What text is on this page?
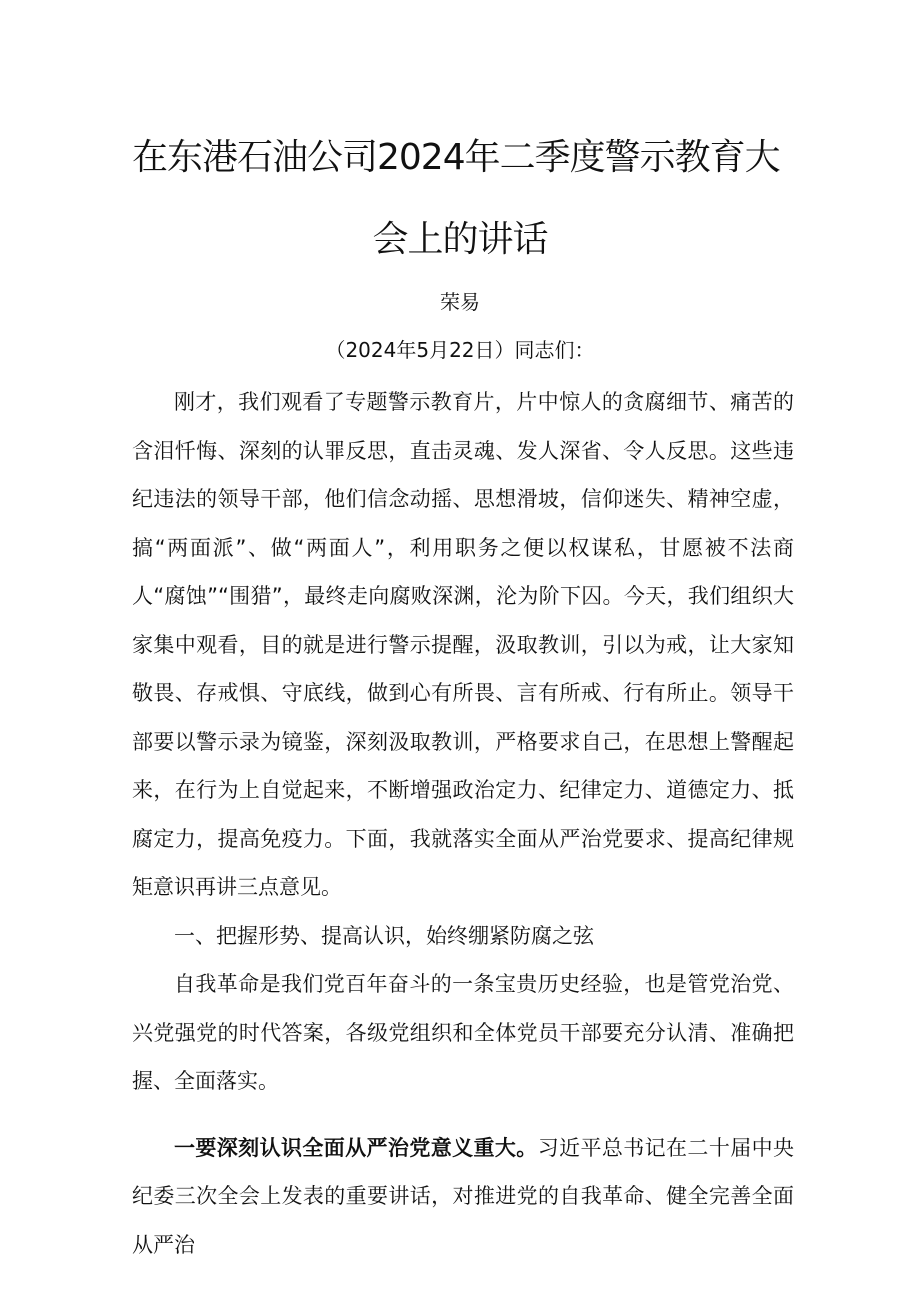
在东港石油公司2024年二季度警示教育大
会上的讲话
荣易
（2024年5月22日）同志们：

刚才，我们观看了专题警示教育片，片中惊人的贪腐细节、痛苦的含泪忏悔、深刻的认罪反思，直击灵魂、发人深省、令人反思。这些违纪违法的领导干部，他们信念动摇、思想滑坡，信仰迷失、精神空虚，搞“两面派”、做“两面人”，利用职务之便以权谋私，甘愿被不法商人“腐蚀”“围猎”，最终走向腐败深渊，沦为阶下囚。今天，我们组织大家集中观看，目的就是进行警示提醒，汲取教训，引以为戒，让大家知敬畏、存戒惧、守底线，做到心有所畏、言有所戒、行有所止。领导干部要以警示录为镜鉴，深刻汲取教训，严格要求自己，在思想上警醒起来，在行为上自觉起来，不断增强政治定力、纪律定力、道德定力、抵腐定力，提高免疫力。下面，我就落实全面从严治党要求、提高纪律规矩意识再讲三点意见。

一、把握形势、提高认识，始终绷紧防腐之弦

自我革命是我们党百年奋斗的一条宝贵历史经验，也是管党治党、兴党强党的时代答案，各级党组织和全体党员干部要充分认清、准确把握、全面落实。

一要深刻认识全面从严治党意义重大。习近平总书记在二十届中央纪委三次全会上发表的重要讲话，对推进党的自我革命、健全完善全面从严治
